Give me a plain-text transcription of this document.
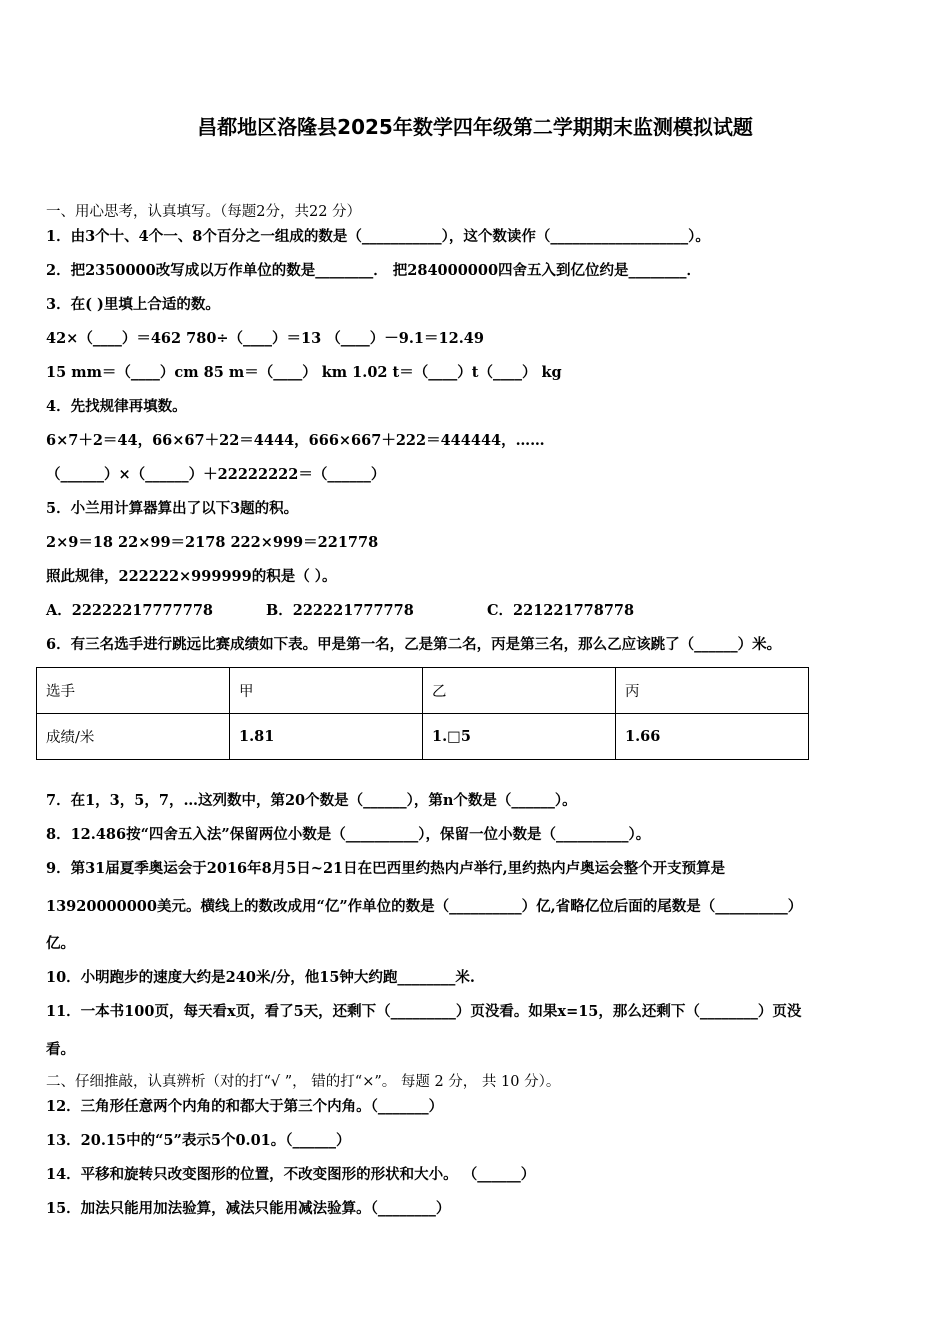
昌都地区洛隆县2025年数学四年级第二学期期末监测模拟试题
一、用心思考，认真填写。（每题2分，共22 分）
1．由3个十、4个一、8个百分之一组成的数是（___________），这个数读作（___________________）。
2．把2350000改写成以万作单位的数是________． 把284000000四舍五入到亿位约是________．
3．在( )里填上合适的数。
42×（____）＝462 780÷（____）＝13 （____）－9.1＝12.49
15 mm＝（____）cm 85 m＝（____） km 1.02 t＝（____）t（____） kg
4．先找规律再填数。
6×7＋2＝44，66×67＋22＝4444，666×667＋222＝444444，……
（______）×（______）＋22222222＝（______）
5．小兰用计算器算出了以下3题的积。
2×9＝18 22×99＝2178 222×999＝221778
照此规律，222222×999999的积是（ ）。
A．22222217777778	B．222221777778	C．221221778778
6．有三名选手进行跳远比赛成绩如下表。甲是第一名，乙是第二名，丙是第三名，那么乙应该跳了（______）米。
选手	甲	乙	丙
成绩/米	1.81	1.□5	1.66
7．在1，3，5，7，…这列数中，第20个数是（______），第n个数是（______）。
8．12.486按“四舍五入法”保留两位小数是（__________），保留一位小数是（__________）。
9．第31届夏季奥运会于2016年8月5日~21日在巴西里约热内卢举行,里约热内卢奥运会整个开支预算是
13920000000美元。横线上的数改成用“亿”作单位的数是（__________）亿,省略亿位后面的尾数是（__________）
亿。
10．小明跑步的速度大约是240米/分，他15钟大约跑________米.
11．一本书100页，每天看x页，看了5天，还剩下（_________）页没看。如果x=15，那么还剩下（________）页没
看。
二、仔细推敲，认真辨析（对的打“√ ”， 错的打“×”。 每题 2 分， 共 10 分）。
12．三角形任意两个内角的和都大于第三个内角。（_______）
13．20.15中的“5”表示5个0.01。（______）
14．平移和旋转只改变图形的位置，不改变图形的形状和大小。 （______）
15．加法只能用加法验算，减法只能用减法验算。（________）
